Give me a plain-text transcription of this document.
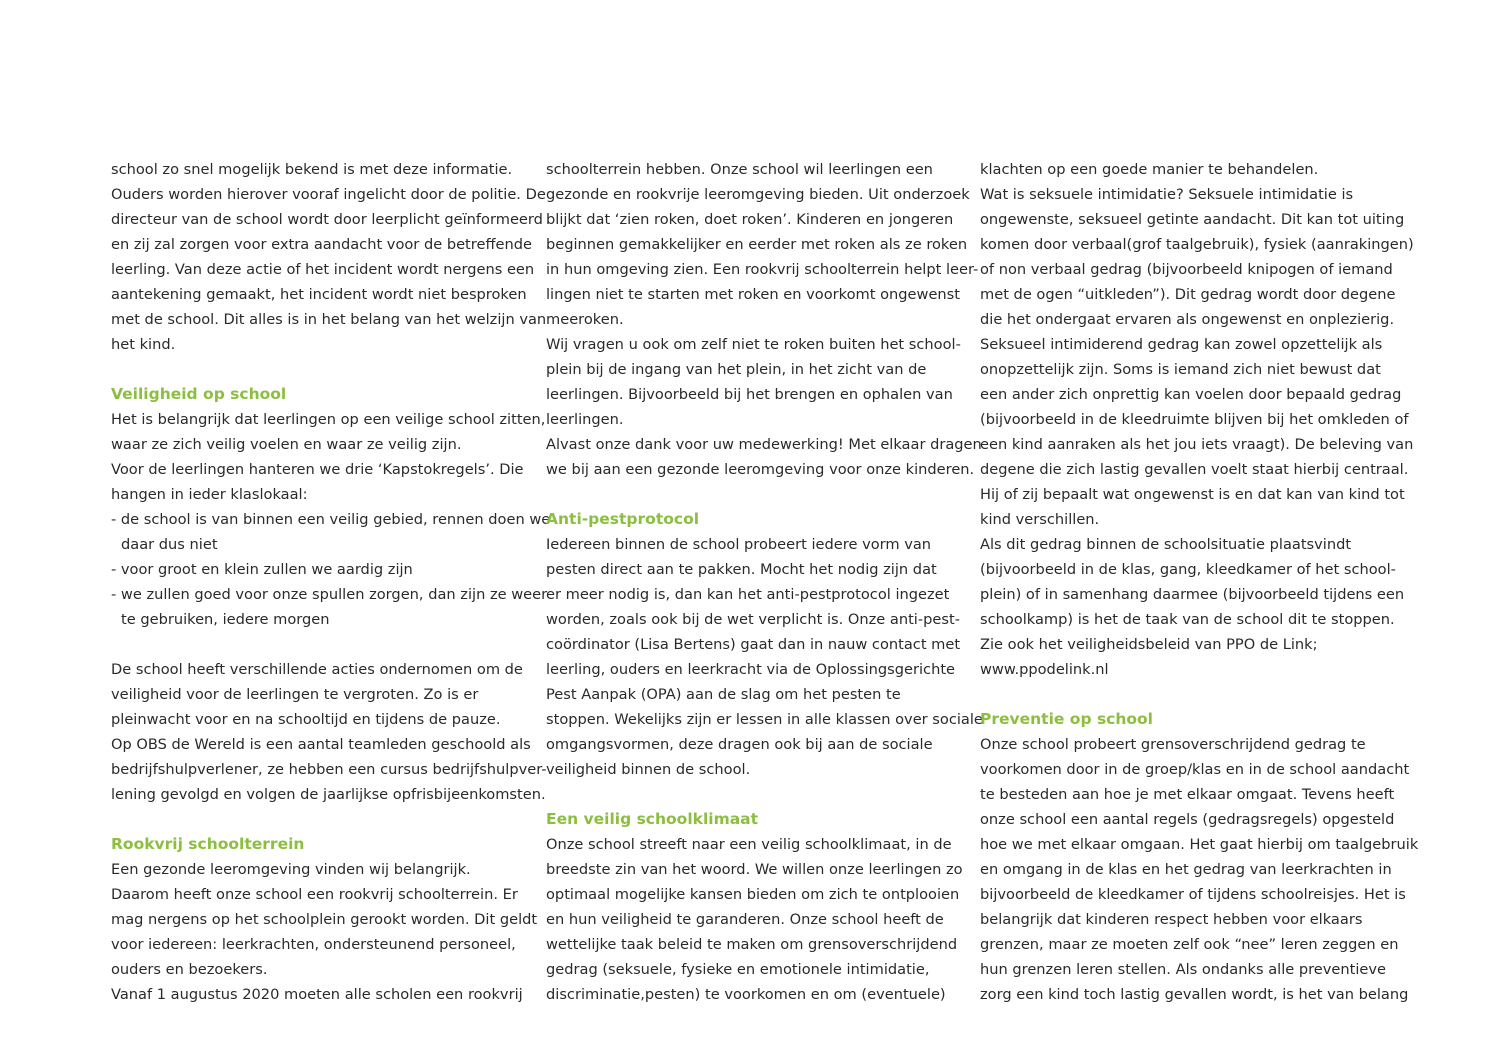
school zo snel mogelijk bekend is met deze informatie.
Ouders worden hierover vooraf ingelicht door de politie. De
directeur van de school wordt door leerplicht geïnformeerd
en zij zal zorgen voor extra aandacht voor de betreffende
leerling. Van deze actie of het incident wordt nergens een
aantekening gemaakt, het incident wordt niet besproken
met de school. Dit alles is in het belang van het welzijn van
het kind.
Veiligheid op school
Het is belangrijk dat leerlingen op een veilige school zitten,
waar ze zich veilig voelen en waar ze veilig zijn.
Voor de leerlingen hanteren we drie ‘Kapstokregels’. Die
hangen in ieder klaslokaal:
- de school is van binnen een veilig gebied, rennen doen we
daar dus niet
- voor groot en klein zullen we aardig zijn
- we zullen goed voor onze spullen zorgen, dan zijn ze weer
te gebruiken, iedere morgen
De school heeft verschillende acties ondernomen om de
veiligheid voor de leerlingen te vergroten. Zo is er
pleinwacht voor en na schooltijd en tijdens de pauze.
Op OBS de Wereld is een aantal teamleden geschoold als
bedrijfshulpverlener, ze hebben een cursus bedrijfshulpver-
lening gevolgd en volgen de jaarlijkse opfrisbijeenkomsten.
Rookvrij schoolterrein
Een gezonde leeromgeving vinden wij belangrijk.
Daarom heeft onze school een rookvrij schoolterrein. Er
mag nergens op het schoolplein gerookt worden. Dit geldt
voor iedereen: leerkrachten, ondersteunend personeel,
ouders en bezoekers.
Vanaf 1 augustus 2020 moeten alle scholen een rookvrij
schoolterrein hebben. Onze school wil leerlingen een
gezonde en rookvrije leeromgeving bieden. Uit onderzoek
blijkt dat ‘zien roken, doet roken’. Kinderen en jongeren
beginnen gemakkelijker en eerder met roken als ze roken
in hun omgeving zien. Een rookvrij schoolterrein helpt leer-
lingen niet te starten met roken en voorkomt ongewenst
meeroken.
Wij vragen u ook om zelf niet te roken buiten het school-
plein bij de ingang van het plein, in het zicht van de
leerlingen. Bijvoorbeeld bij het brengen en ophalen van
leerlingen.
Alvast onze dank voor uw medewerking! Met elkaar dragen
we bij aan een gezonde leeromgeving voor onze kinderen.
Anti-pestprotocol
Iedereen binnen de school probeert iedere vorm van
pesten direct aan te pakken. Mocht het nodig zijn dat
er meer nodig is, dan kan het anti-pestprotocol ingezet
worden, zoals ook bij de wet verplicht is. Onze anti-pest-
coördinator (Lisa Bertens) gaat dan in nauw contact met
leerling, ouders en leerkracht via de Oplossingsgerichte
Pest Aanpak (OPA) aan de slag om het pesten te
stoppen. Wekelijks zijn er lessen in alle klassen over sociale
omgangsvormen, deze dragen ook bij aan de sociale
veiligheid binnen de school.
Een veilig schoolklimaat
Onze school streeft naar een veilig schoolklimaat, in de
breedste zin van het woord. We willen onze leerlingen zo
optimaal mogelijke kansen bieden om zich te ontplooien
en hun veiligheid te garanderen. Onze school heeft de
wettelijke taak beleid te maken om grensoverschrijdend
gedrag (seksuele, fysieke en emotionele intimidatie,
discriminatie,pesten) te voorkomen en om (eventuele)
klachten op een goede manier te behandelen.
Wat is seksuele intimidatie? Seksuele intimidatie is
ongewenste, seksueel getinte aandacht. Dit kan tot uiting
komen door verbaal(grof taalgebruik), fysiek (aanrakingen)
of non verbaal gedrag (bijvoorbeeld knipogen of iemand
met de ogen “uitkleden”). Dit gedrag wordt door degene
die het ondergaat ervaren als ongewenst en onplezierig.
Seksueel intimiderend gedrag kan zowel opzettelijk als
onopzettelijk zijn. Soms is iemand zich niet bewust dat
een ander zich onprettig kan voelen door bepaald gedrag
(bijvoorbeeld in de kleedruimte blijven bij het omkleden of
een kind aanraken als het jou iets vraagt). De beleving van
degene die zich lastig gevallen voelt staat hierbij centraal.
Hij of zij bepaalt wat ongewenst is en dat kan van kind tot
kind verschillen.
Als dit gedrag binnen de schoolsituatie plaatsvindt
(bijvoorbeeld in de klas, gang, kleedkamer of het school-
plein) of in samenhang daarmee (bijvoorbeeld tijdens een
schoolkamp) is het de taak van de school dit te stoppen.
Zie ook het veiligheidsbeleid van PPO de Link;
www.ppodelink.nl
Preventie op school
Onze school probeert grensoverschrijdend gedrag te
voorkomen door in de groep/klas en in de school aandacht
te besteden aan hoe je met elkaar omgaat. Tevens heeft
onze school een aantal regels (gedragsregels) opgesteld
hoe we met elkaar omgaan. Het gaat hierbij om taalgebruik
en omgang in de klas en het gedrag van leerkrachten in
bijvoorbeeld de kleedkamer of tijdens schoolreisjes. Het is
belangrijk dat kinderen respect hebben voor elkaars
grenzen, maar ze moeten zelf ook “nee” leren zeggen en
hun grenzen leren stellen. Als ondanks alle preventieve
zorg een kind toch lastig gevallen wordt, is het van belang
